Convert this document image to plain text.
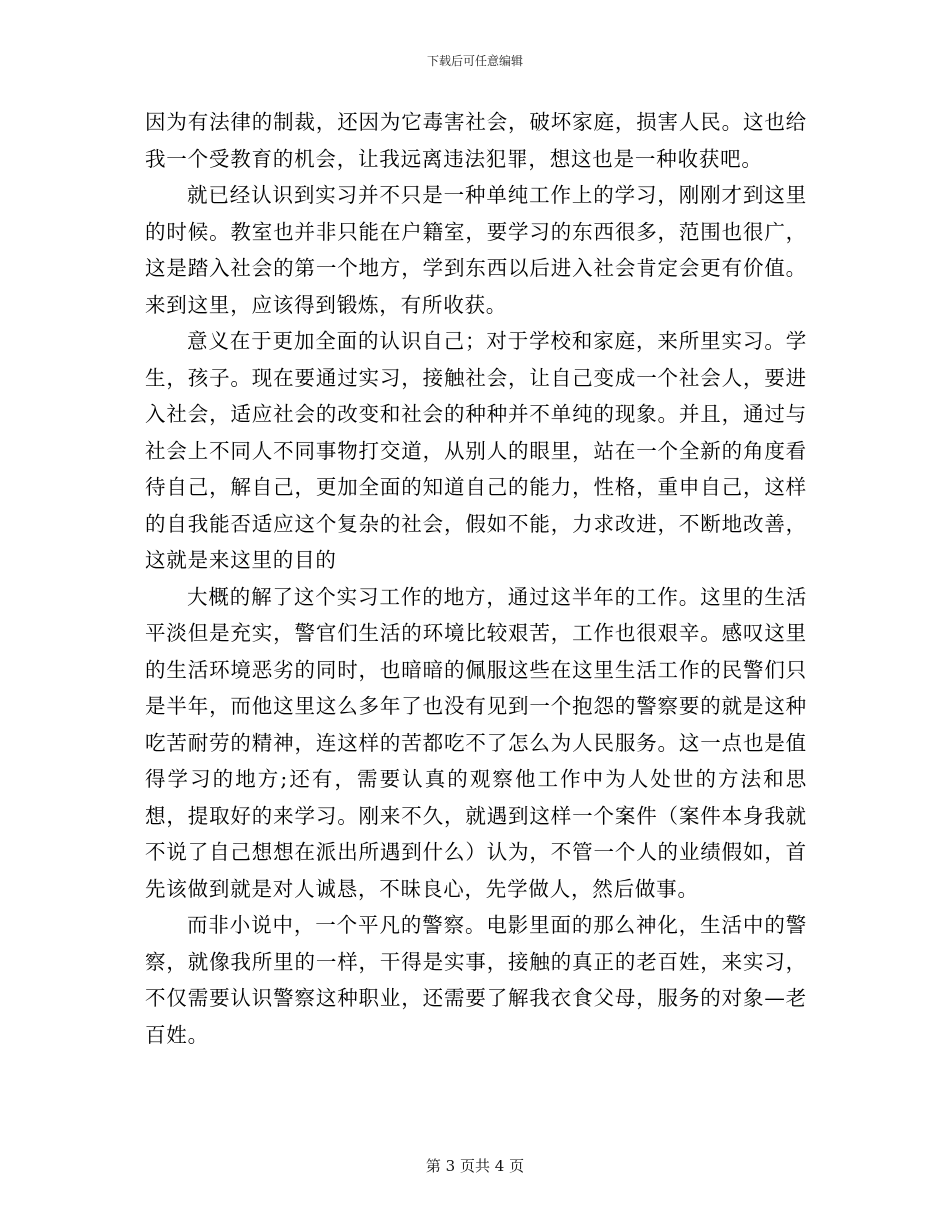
下载后可任意编辑

因为有法律的制裁，还因为它毒害社会，破坏家庭，损害人民。这也给我一个受教育的机会，让我远离违法犯罪，想这也是一种收获吧。

就已经认识到实习并不只是一种单纯工作上的学习，刚刚才到这里的时候。教室也并非只能在户籍室，要学习的东西很多，范围也很广，这是踏入社会的第一个地方，学到东西以后进入社会肯定会更有价值。来到这里，应该得到锻炼，有所收获。

意义在于更加全面的认识自己；对于学校和家庭，来所里实习。学生，孩子。现在要通过实习，接触社会，让自己变成一个社会人，要进入社会，适应社会的改变和社会的种种并不单纯的现象。并且，通过与社会上不同人不同事物打交道，从别人的眼里，站在一个全新的角度看待自己，解自己，更加全面的知道自己的能力，性格，重申自己，这样的自我能否适应这个复杂的社会，假如不能，力求改进，不断地改善，这就是来这里的目的

大概的解了这个实习工作的地方，通过这半年的工作。这里的生活平淡但是充实，警官们生活的环境比较艰苦，工作也很艰辛。感叹这里的生活环境恶劣的同时，也暗暗的佩服这些在这里生活工作的民警们只是半年，而他这里这么多年了也没有见到一个抱怨的警察要的就是这种吃苦耐劳的精神，连这样的苦都吃不了怎么为人民服务。这一点也是值得学习的地方;还有，需要认真的观察他工作中为人处世的方法和思想，提取好的来学习。刚来不久，就遇到这样一个案件（案件本身我就不说了自己想想在派出所遇到什么）认为，不管一个人的业绩假如，首先该做到就是对人诚恳，不昧良心，先学做人，然后做事。

而非小说中，一个平凡的警察。电影里面的那么神化，生活中的警察，就像我所里的一样，干得是实事，接触的真正的老百姓，来实习，不仅需要认识警察这种职业，还需要了解我衣食父母，服务的对象—老百姓。

第 3 页共 4 页
